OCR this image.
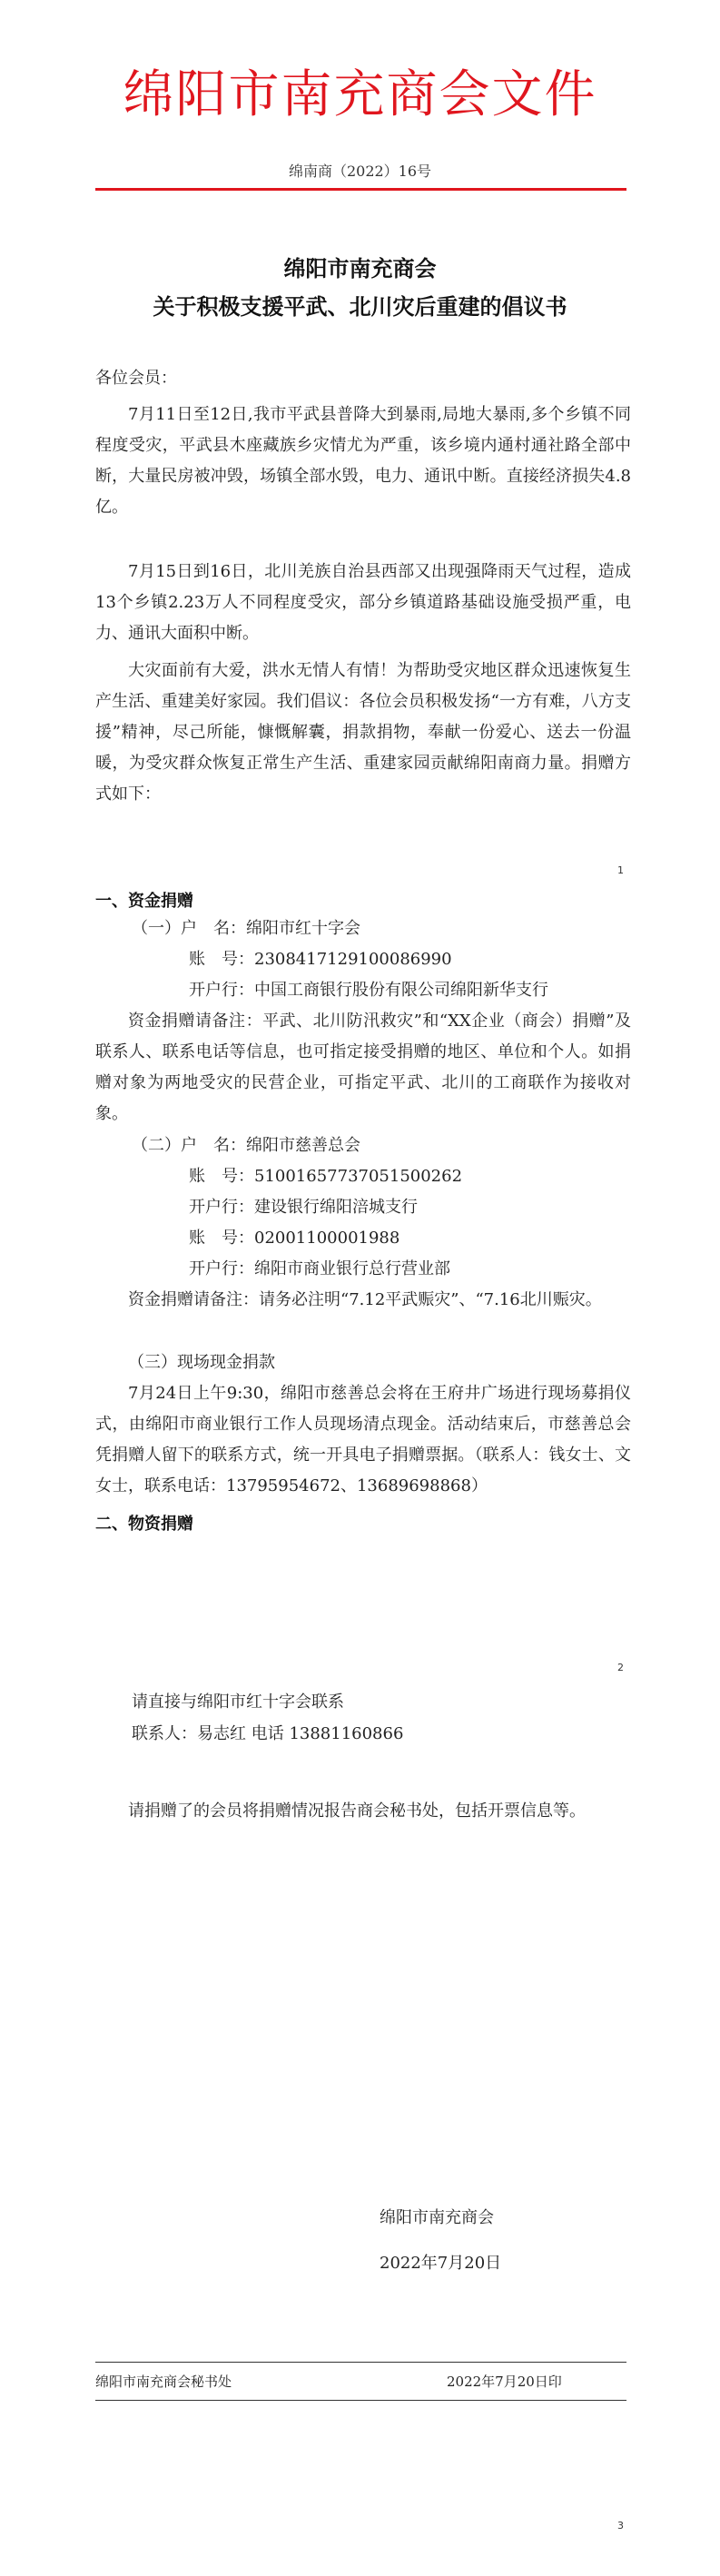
绵阳市南充商会文件
绵南商（2022）16号
绵阳市南充商会
关于积极支援平武、北川灾后重建的倡议书
各位会员：
7月11日至12日,我市平武县普降大到暴雨,局地大暴雨,多个乡镇不同程度受灾，平武县木座藏族乡灾情尤为严重，该乡境内通村通社路全部中断，大量民房被冲毁，场镇全部水毁，电力、通讯中断。直接经济损失4.8亿。
7月15日到16日，北川羌族自治县西部又出现强降雨天气过程，造成13个乡镇2.23万人不同程度受灾，部分乡镇道路基础设施受损严重，电力、通讯大面积中断。
大灾面前有大爱，洪水无情人有情！为帮助受灾地区群众迅速恢复生产生活、重建美好家园。我们倡议：各位会员积极发扬“一方有难，八方支援”精神，尽己所能，慷慨解囊，捐款捐物，奉献一份爱心、送去一份温暖，为受灾群众恢复正常生产生活、重建家园贡献绵阳南商力量。捐赠方式如下：
1
一、资金捐赠
（一）户　名：绵阳市红十字会
账　号：2308417129100086990
开户行：中国工商银行股份有限公司绵阳新华支行
资金捐赠请备注：平武、北川防汛救灾”和“XX企业（商会）捐赠”及联系人、联系电话等信息，也可指定接受捐赠的地区、单位和个人。如捐赠对象为两地受灾的民营企业，可指定平武、北川的工商联作为接收对象。
（二）户　名：绵阳市慈善总会
账　号：51001657737051500262
开户行：建设银行绵阳涪城支行
账　号：02001100001988
开户行：绵阳市商业银行总行营业部
资金捐赠请备注：请务必注明“7.12平武赈灾”、“7.16北川赈灾。
（三）现场现金捐款
7月24日上午9:30，绵阳市慈善总会将在王府井广场进行现场募捐仪式，由绵阳市商业银行工作人员现场清点现金。活动结束后，市慈善总会凭捐赠人留下的联系方式，统一开具电子捐赠票据。（联系人：钱女士、文女士，联系电话：13795954672、13689698868）
二、物资捐赠
2
请直接与绵阳市红十字会联系
联系人：易志红 电话 13881160866
请捐赠了的会员将捐赠情况报告商会秘书处，包括开票信息等。
绵阳市南充商会
2022年7月20日
绵阳市南充商会秘书处	2022年7月20日印
3
